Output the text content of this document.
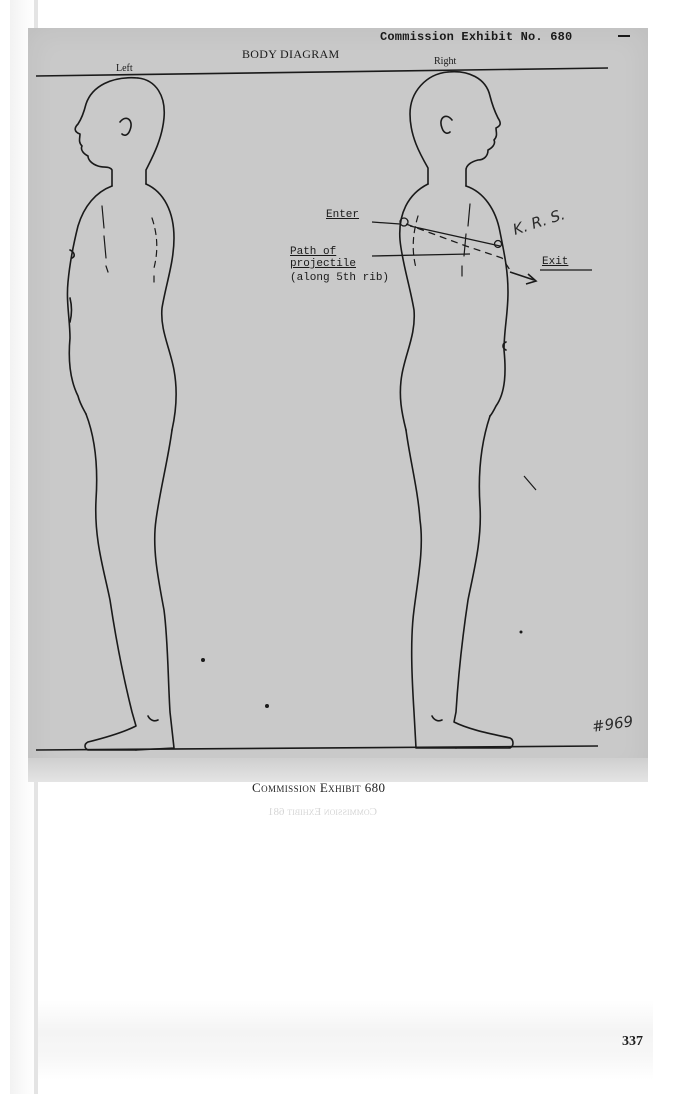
Commission Exhibit No. 680
BODY DIAGRAM
Left
Right
Enter
Path of
projectile
(along 5th rib)
Exit
K. R. S.
#969
Commission Exhibit 680
Commission Exhibit 681
337
